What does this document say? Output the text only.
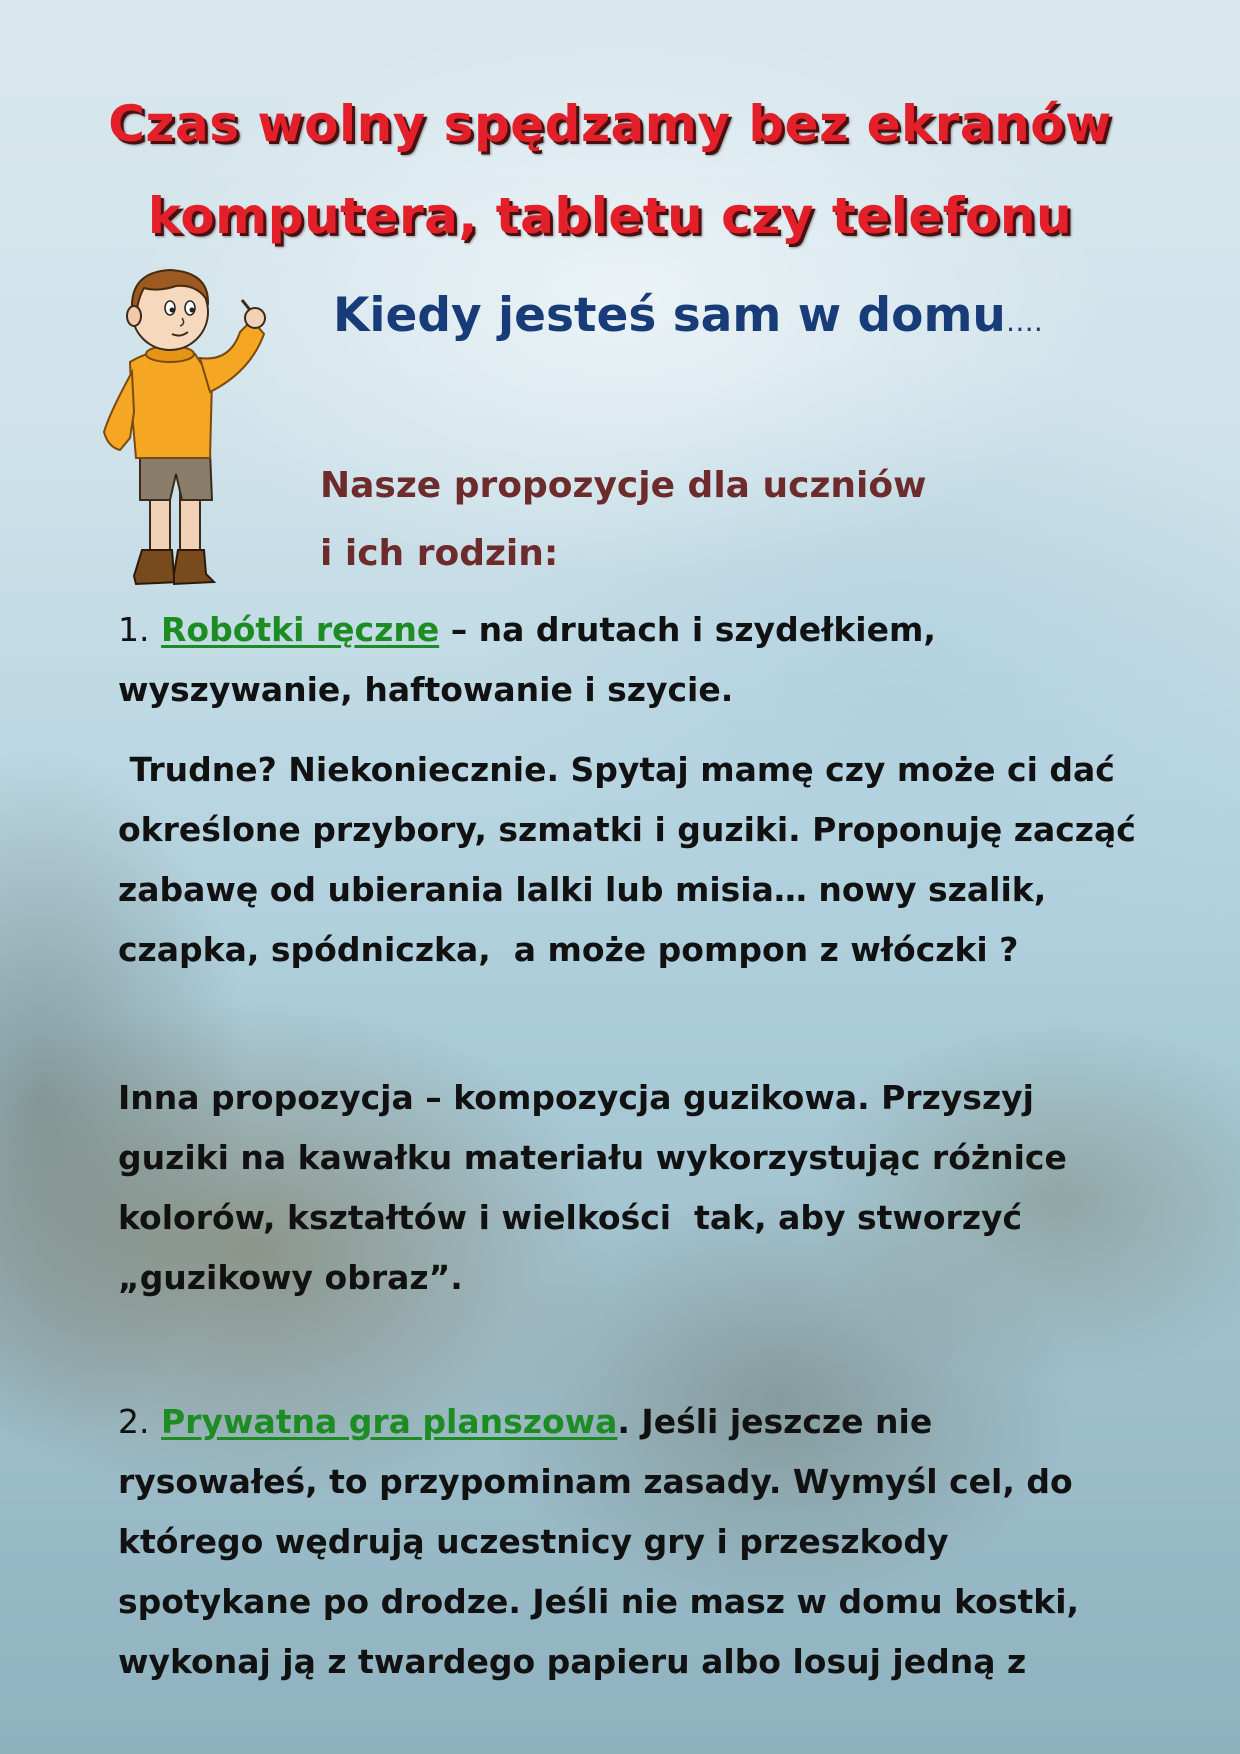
Czas wolny spędzamy bez ekranów
komputera, tabletu czy telefonu
Kiedy jesteś sam w domu….
Nasze propozycje dla uczniów
i ich rodzin:

1. Robótki ręczne – na drutach i szydełkiem,

wyszywanie, haftowanie i szycie.

Trudne? Niekoniecznie. Spytaj mamę czy może ci dać

określone przybory, szmatki i guziki. Proponuję zacząć

zabawę od ubierania lalki lub misia… nowy szalik,

czapka, spódniczka,  a może pompon z włóczki ?

Inna propozycja – kompozycja guzikowa. Przyszyj

guziki na kawałku materiału wykorzystując różnice

kolorów, kształtów i wielkości  tak, aby stworzyć

„guzikowy obraz”.

2. Prywatna gra planszowa. Jeśli jeszcze nie

rysowałeś, to przypominam zasady. Wymyśl cel, do

którego wędrują uczestnicy gry i przeszkody

spotykane po drodze. Jeśli nie masz w domu kostki,

wykonaj ją z twardego papieru albo losuj jedną z
